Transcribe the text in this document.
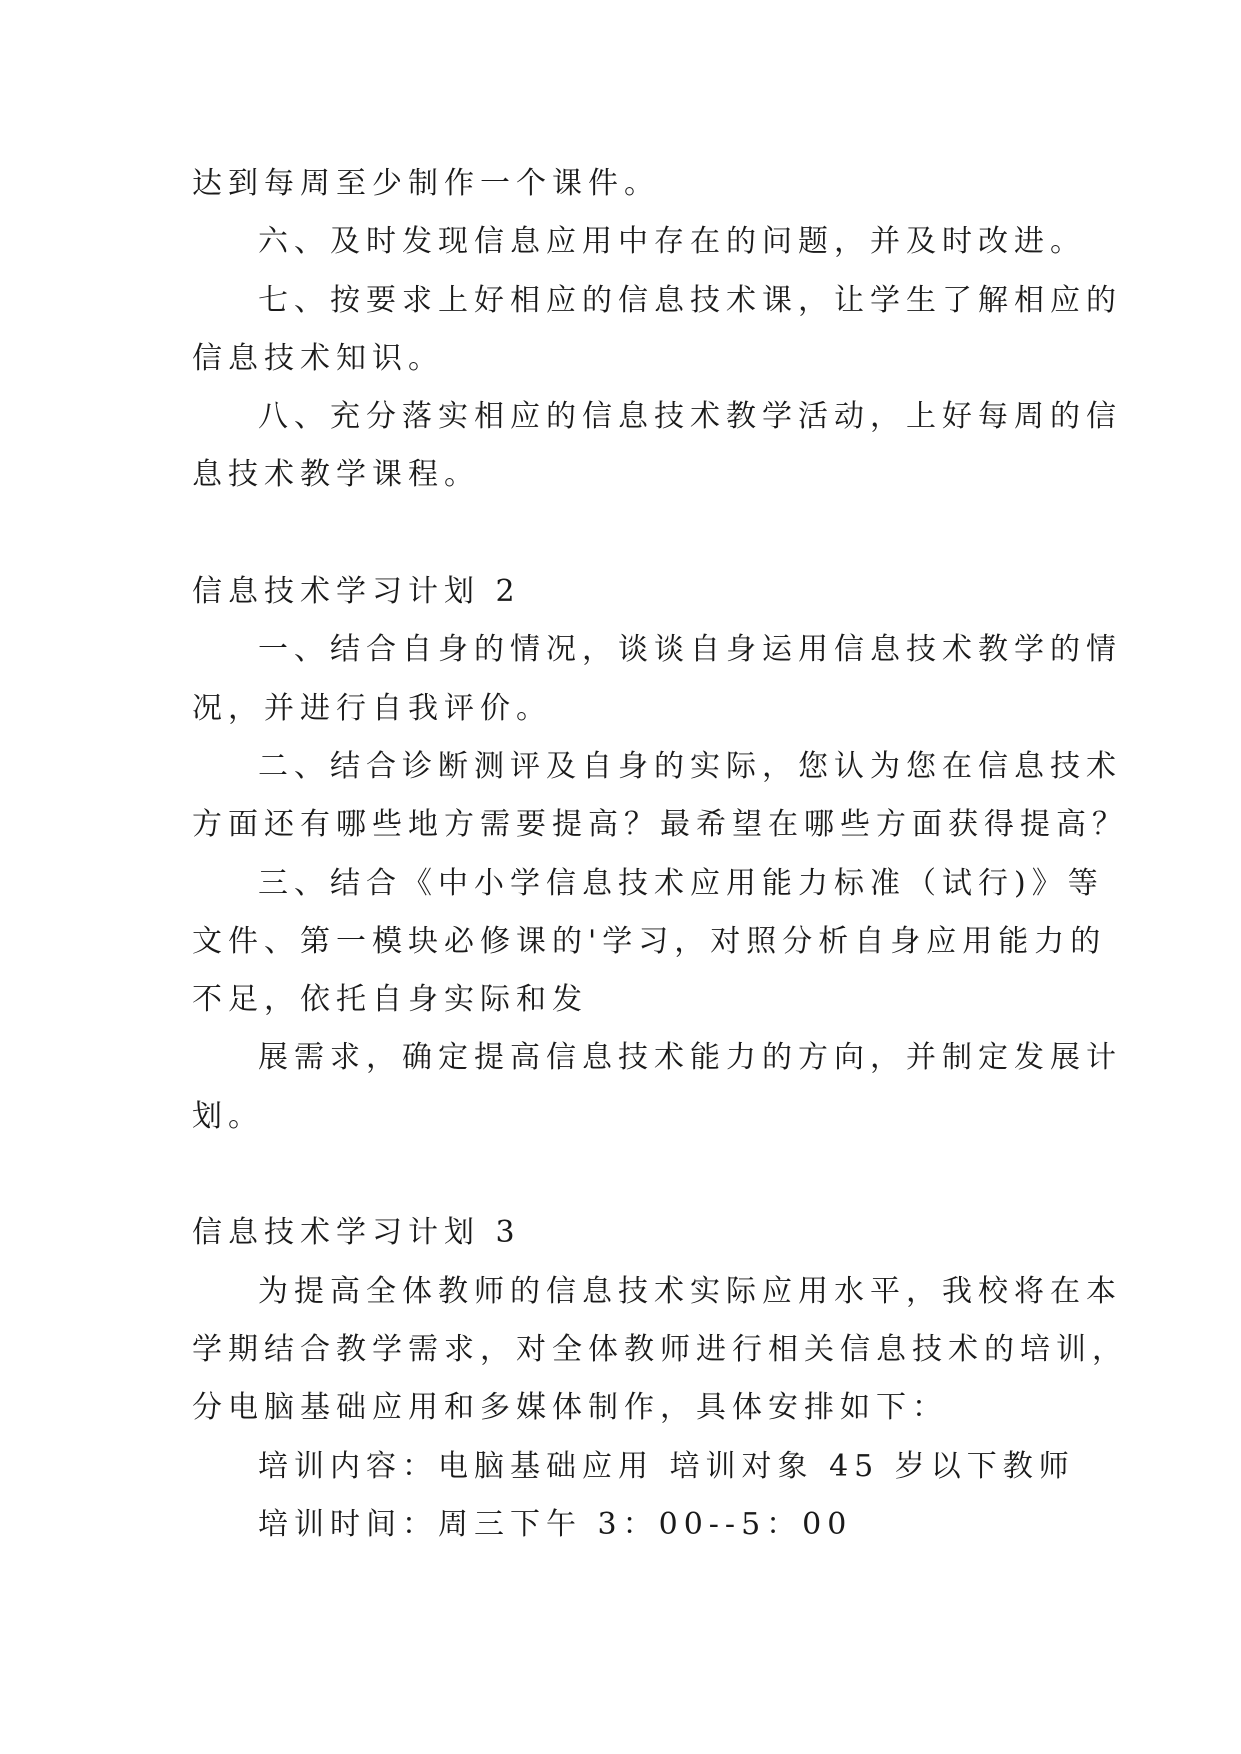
达到每周至少制作一个课件。
六、及时发现信息应用中存在的问题，并及时改进。
七、按要求上好相应的信息技术课，让学生了解相应的
信息技术知识。
八、充分落实相应的信息技术教学活动，上好每周的信
息技术教学课程。
信息技术学习计划 2
一、结合自身的情况，谈谈自身运用信息技术教学的情
况，并进行自我评价。
二、结合诊断测评及自身的实际，您认为您在信息技术
方面还有哪些地方需要提高？最希望在哪些方面获得提高？
三、结合《中小学信息技术应用能力标准（试行)》等
文件、第一模块必修课的'学习，对照分析自身应用能力的
不足，依托自身实际和发
展需求，确定提高信息技术能力的方向，并制定发展计
划。
信息技术学习计划 3
为提高全体教师的信息技术实际应用水平，我校将在本
学期结合教学需求，对全体教师进行相关信息技术的培训，
分电脑基础应用和多媒体制作，具体安排如下：
培训内容：电脑基础应用 培训对象 45 岁以下教师
培训时间：周三下午 3：00--5：00
